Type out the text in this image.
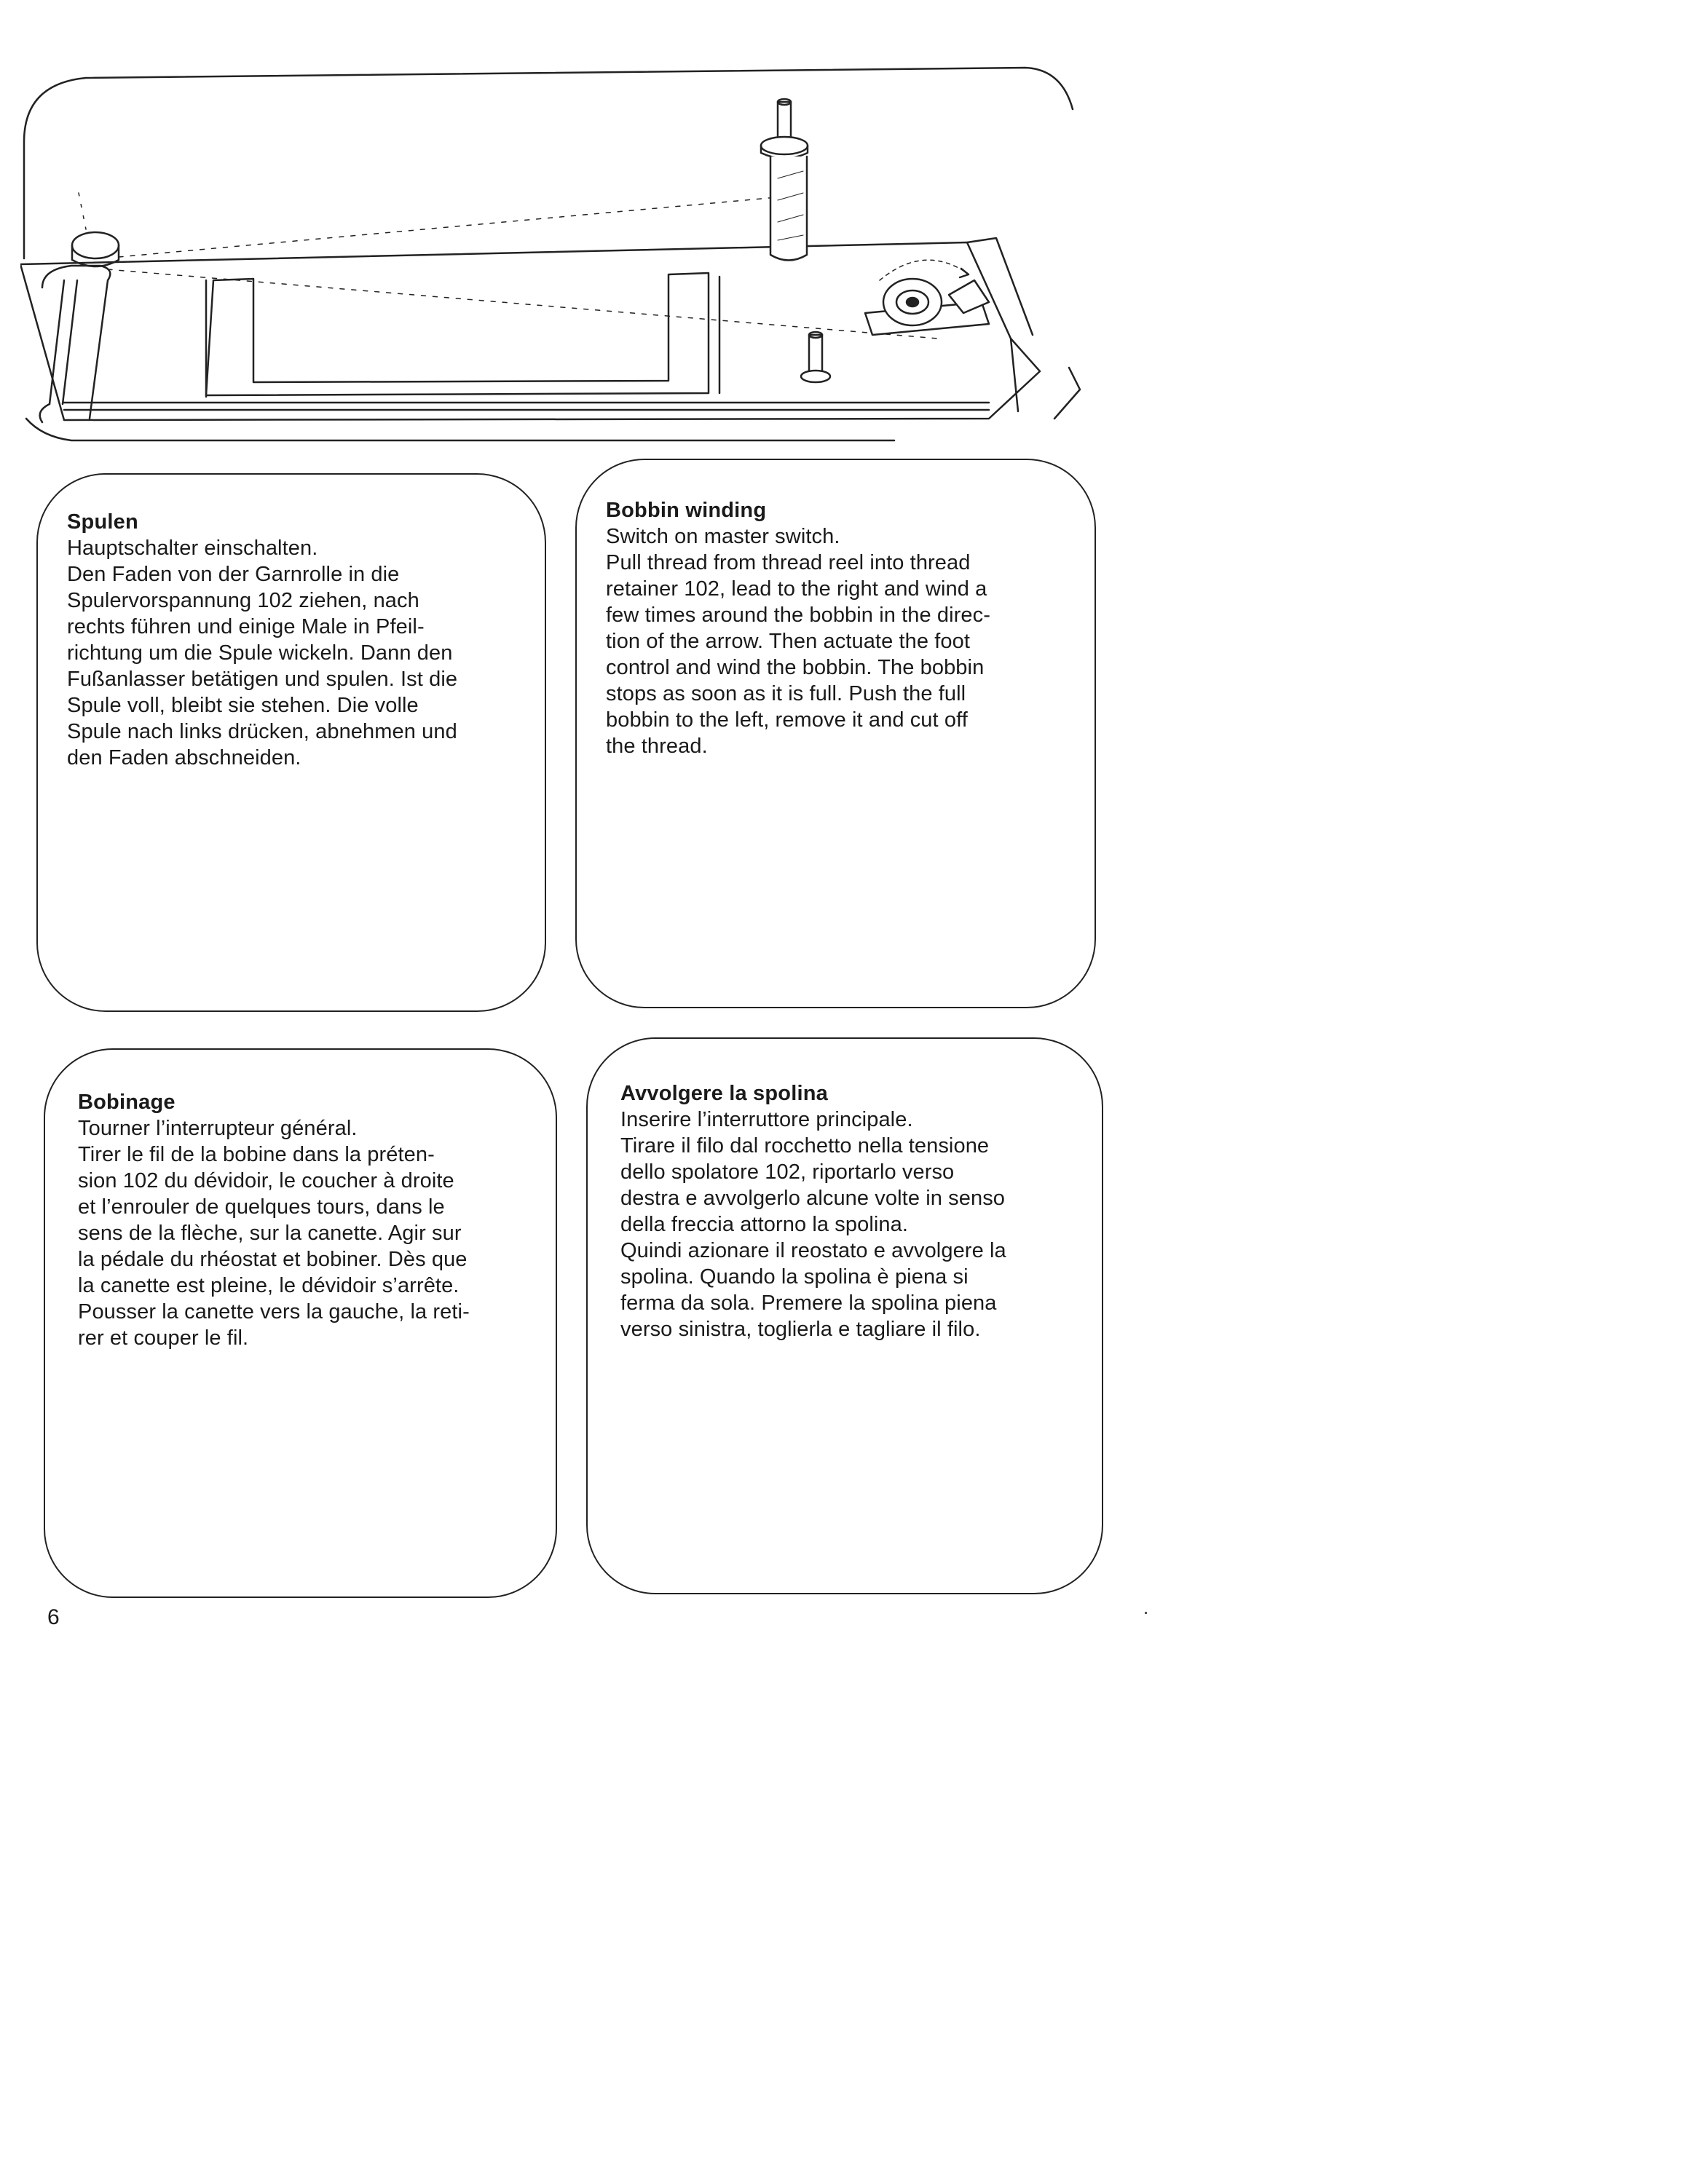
Spulen

Hauptschalter einschalten.
Den Faden von der Garnrolle in die
Spulervorspannung 102 ziehen, nach
rechts führen und einige Male in Pfeil-
richtung um die Spule wickeln. Dann den
Fußanlasser betätigen und spulen. Ist die
Spule voll, bleibt sie stehen. Die volle
Spule nach links drücken, abnehmen und
den Faden abschneiden.

Bobbin winding

Switch on master switch.
Pull thread from thread reel into thread
retainer 102, lead to the right and wind a
few times around the bobbin in the direc-
tion of the arrow. Then actuate the foot
control and wind the bobbin. The bobbin
stops as soon as it is full. Push the full
bobbin to the left, remove it and cut off
the thread.

Bobinage

Tourner l’interrupteur général.
Tirer le fil de la bobine dans la préten-
sion 102 du dévidoir, le coucher à droite
et l’enrouler de quelques tours, dans le
sens de la flèche, sur la canette. Agir sur
la pédale du rhéostat et bobiner. Dès que
la canette est pleine, le dévidoir s’arrête.
Pousser la canette vers la gauche, la reti-
rer et couper le fil.

Avvolgere la spolina

Inserire l’interruttore principale.
Tirare il filo dal rocchetto nella tensione
dello spolatore 102, riportarlo verso
destra e avvolgerlo alcune volte in senso
della freccia attorno la spolina.
Quindi azionare il reostato e avvolgere la
spolina. Quando la spolina è piena si
ferma da sola. Premere la spolina piena
verso sinistra, toglierla e tagliare il filo.

6
